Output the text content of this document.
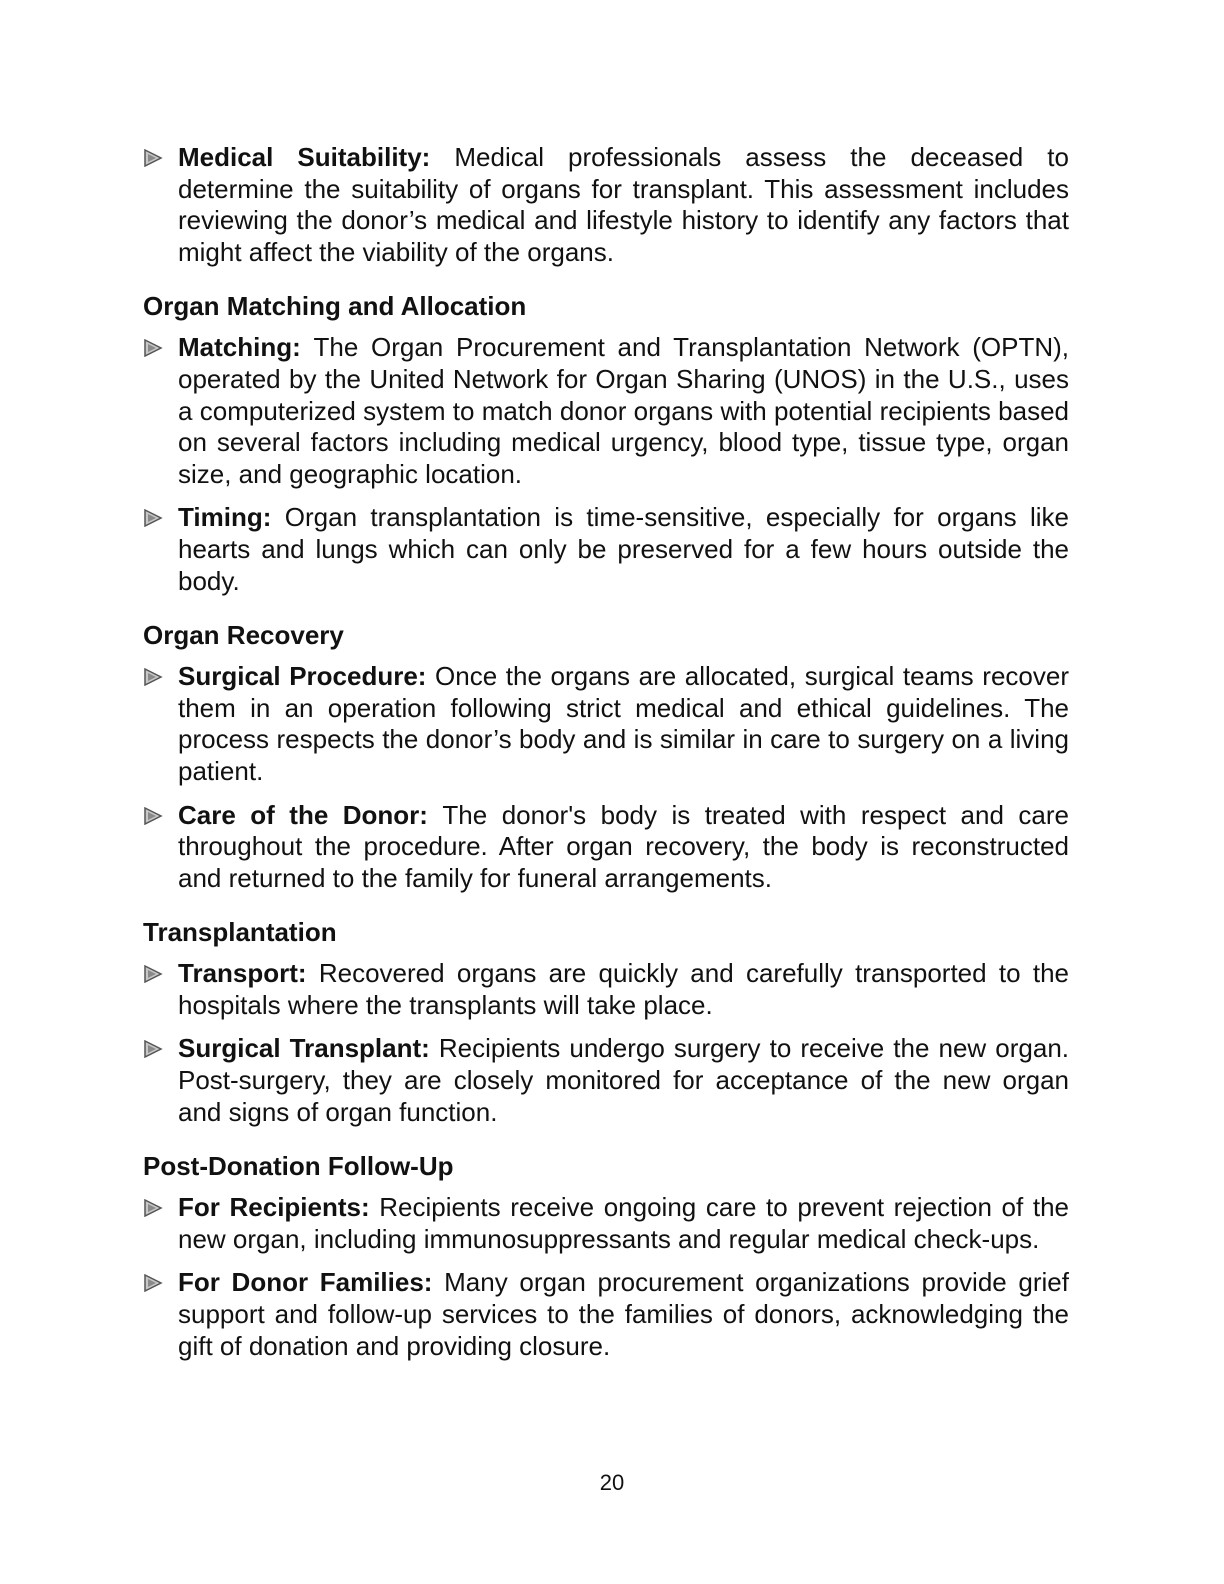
Medical Suitability: Medical professionals assess the deceased to determine the suitability of organs for transplant. This assessment includes reviewing the donor’s medical and lifestyle history to identify any factors that might affect the viability of the organs.
Organ Matching and Allocation
Matching: The Organ Procurement and Transplantation Network (OPTN), operated by the United Network for Organ Sharing (UNOS) in the U.S., uses a computerized system to match donor organs with potential recipients based on several factors including medical urgency, blood type, tissue type, organ size, and geographic location.
Timing: Organ transplantation is time-sensitive, especially for organs like hearts and lungs which can only be preserved for a few hours outside the body.
Organ Recovery
Surgical Procedure: Once the organs are allocated, surgical teams recover them in an operation following strict medical and ethical guidelines. The process respects the donor’s body and is similar in care to surgery on a living patient.
Care of the Donor: The donor's body is treated with respect and care throughout the procedure. After organ recovery, the body is reconstructed and returned to the family for funeral arrangements.
Transplantation
Transport: Recovered organs are quickly and carefully transported to the hospitals where the transplants will take place.
Surgical Transplant: Recipients undergo surgery to receive the new organ. Post-surgery, they are closely monitored for acceptance of the new organ and signs of organ function.
Post-Donation Follow-Up
For Recipients: Recipients receive ongoing care to prevent rejection of the new organ, including immunosuppressants and regular medical check-ups.
For Donor Families: Many organ procurement organizations provide grief support and follow-up services to the families of donors, acknowledging the gift of donation and providing closure.
20
